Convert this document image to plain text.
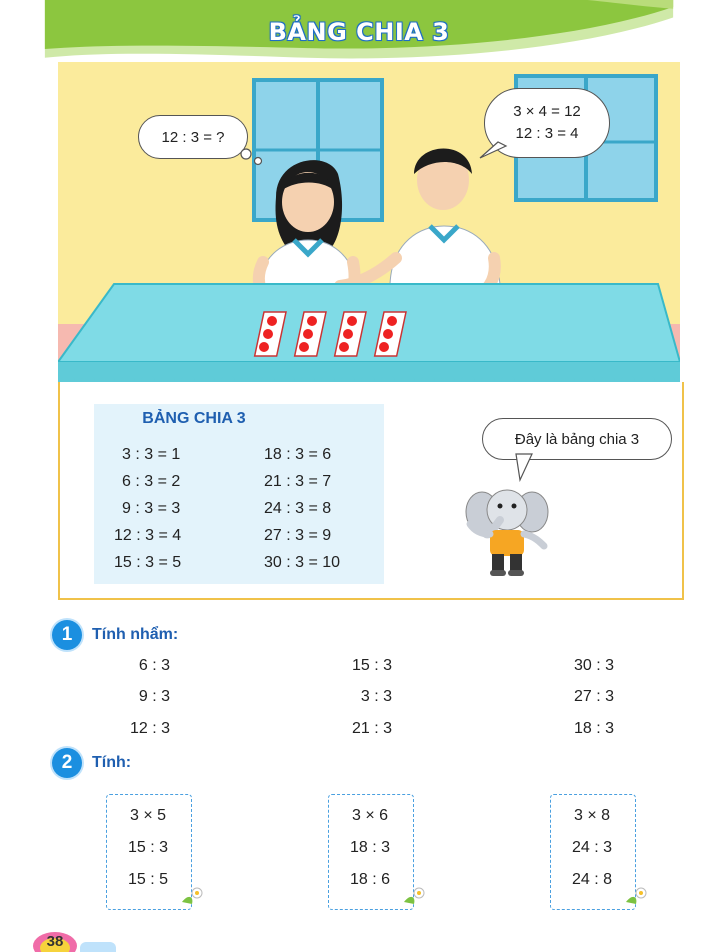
BẢNG CHIA 3
12 : 3 = ?
3 × 4 = 12
12 : 3 = 4
BẢNG CHIA 3
3 : 3 = 1
6 : 3 = 2
9 : 3 = 3
12 : 3 = 4
15 : 3 = 5
18 : 3 = 6
21 : 3 = 7
24 : 3 = 8
27 : 3 = 9
30 : 3 = 10
Đây là bảng chia 3
1	Tính nhẩm:
6 : 3
9 : 3
12 : 3
15 : 3
3 : 3
21 : 3
30 : 3
27 : 3
18 : 3
2	Tính:
3 × 5
15 : 3
15 : 5
3 × 6
18 : 3
18 : 6
3 × 8
24 : 3
24 : 8
38
